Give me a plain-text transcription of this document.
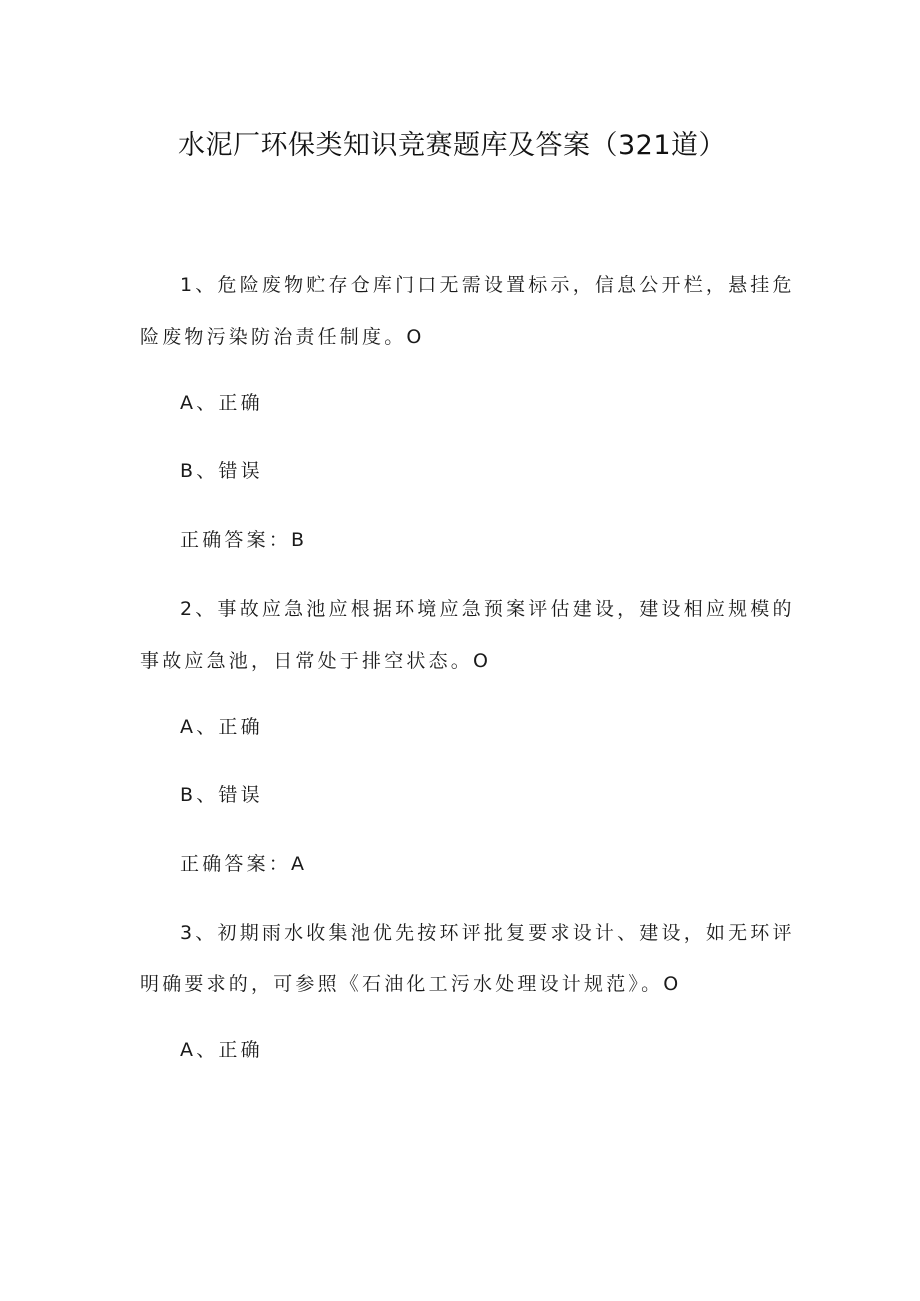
水泥厂环保类知识竞赛题库及答案（321道）
1、危险废物贮存仓库门口无需设置标示，信息公开栏，悬挂危
险废物污染防治责任制度。O
A、正确
B、错误
正确答案：B
2、事故应急池应根据环境应急预案评估建设，建设相应规模的
事故应急池，日常处于排空状态。O
A、正确
B、错误
正确答案：A
3、初期雨水收集池优先按环评批复要求设计、建设，如无环评
明确要求的，可参照《石油化工污水处理设计规范》。O
A、正确
